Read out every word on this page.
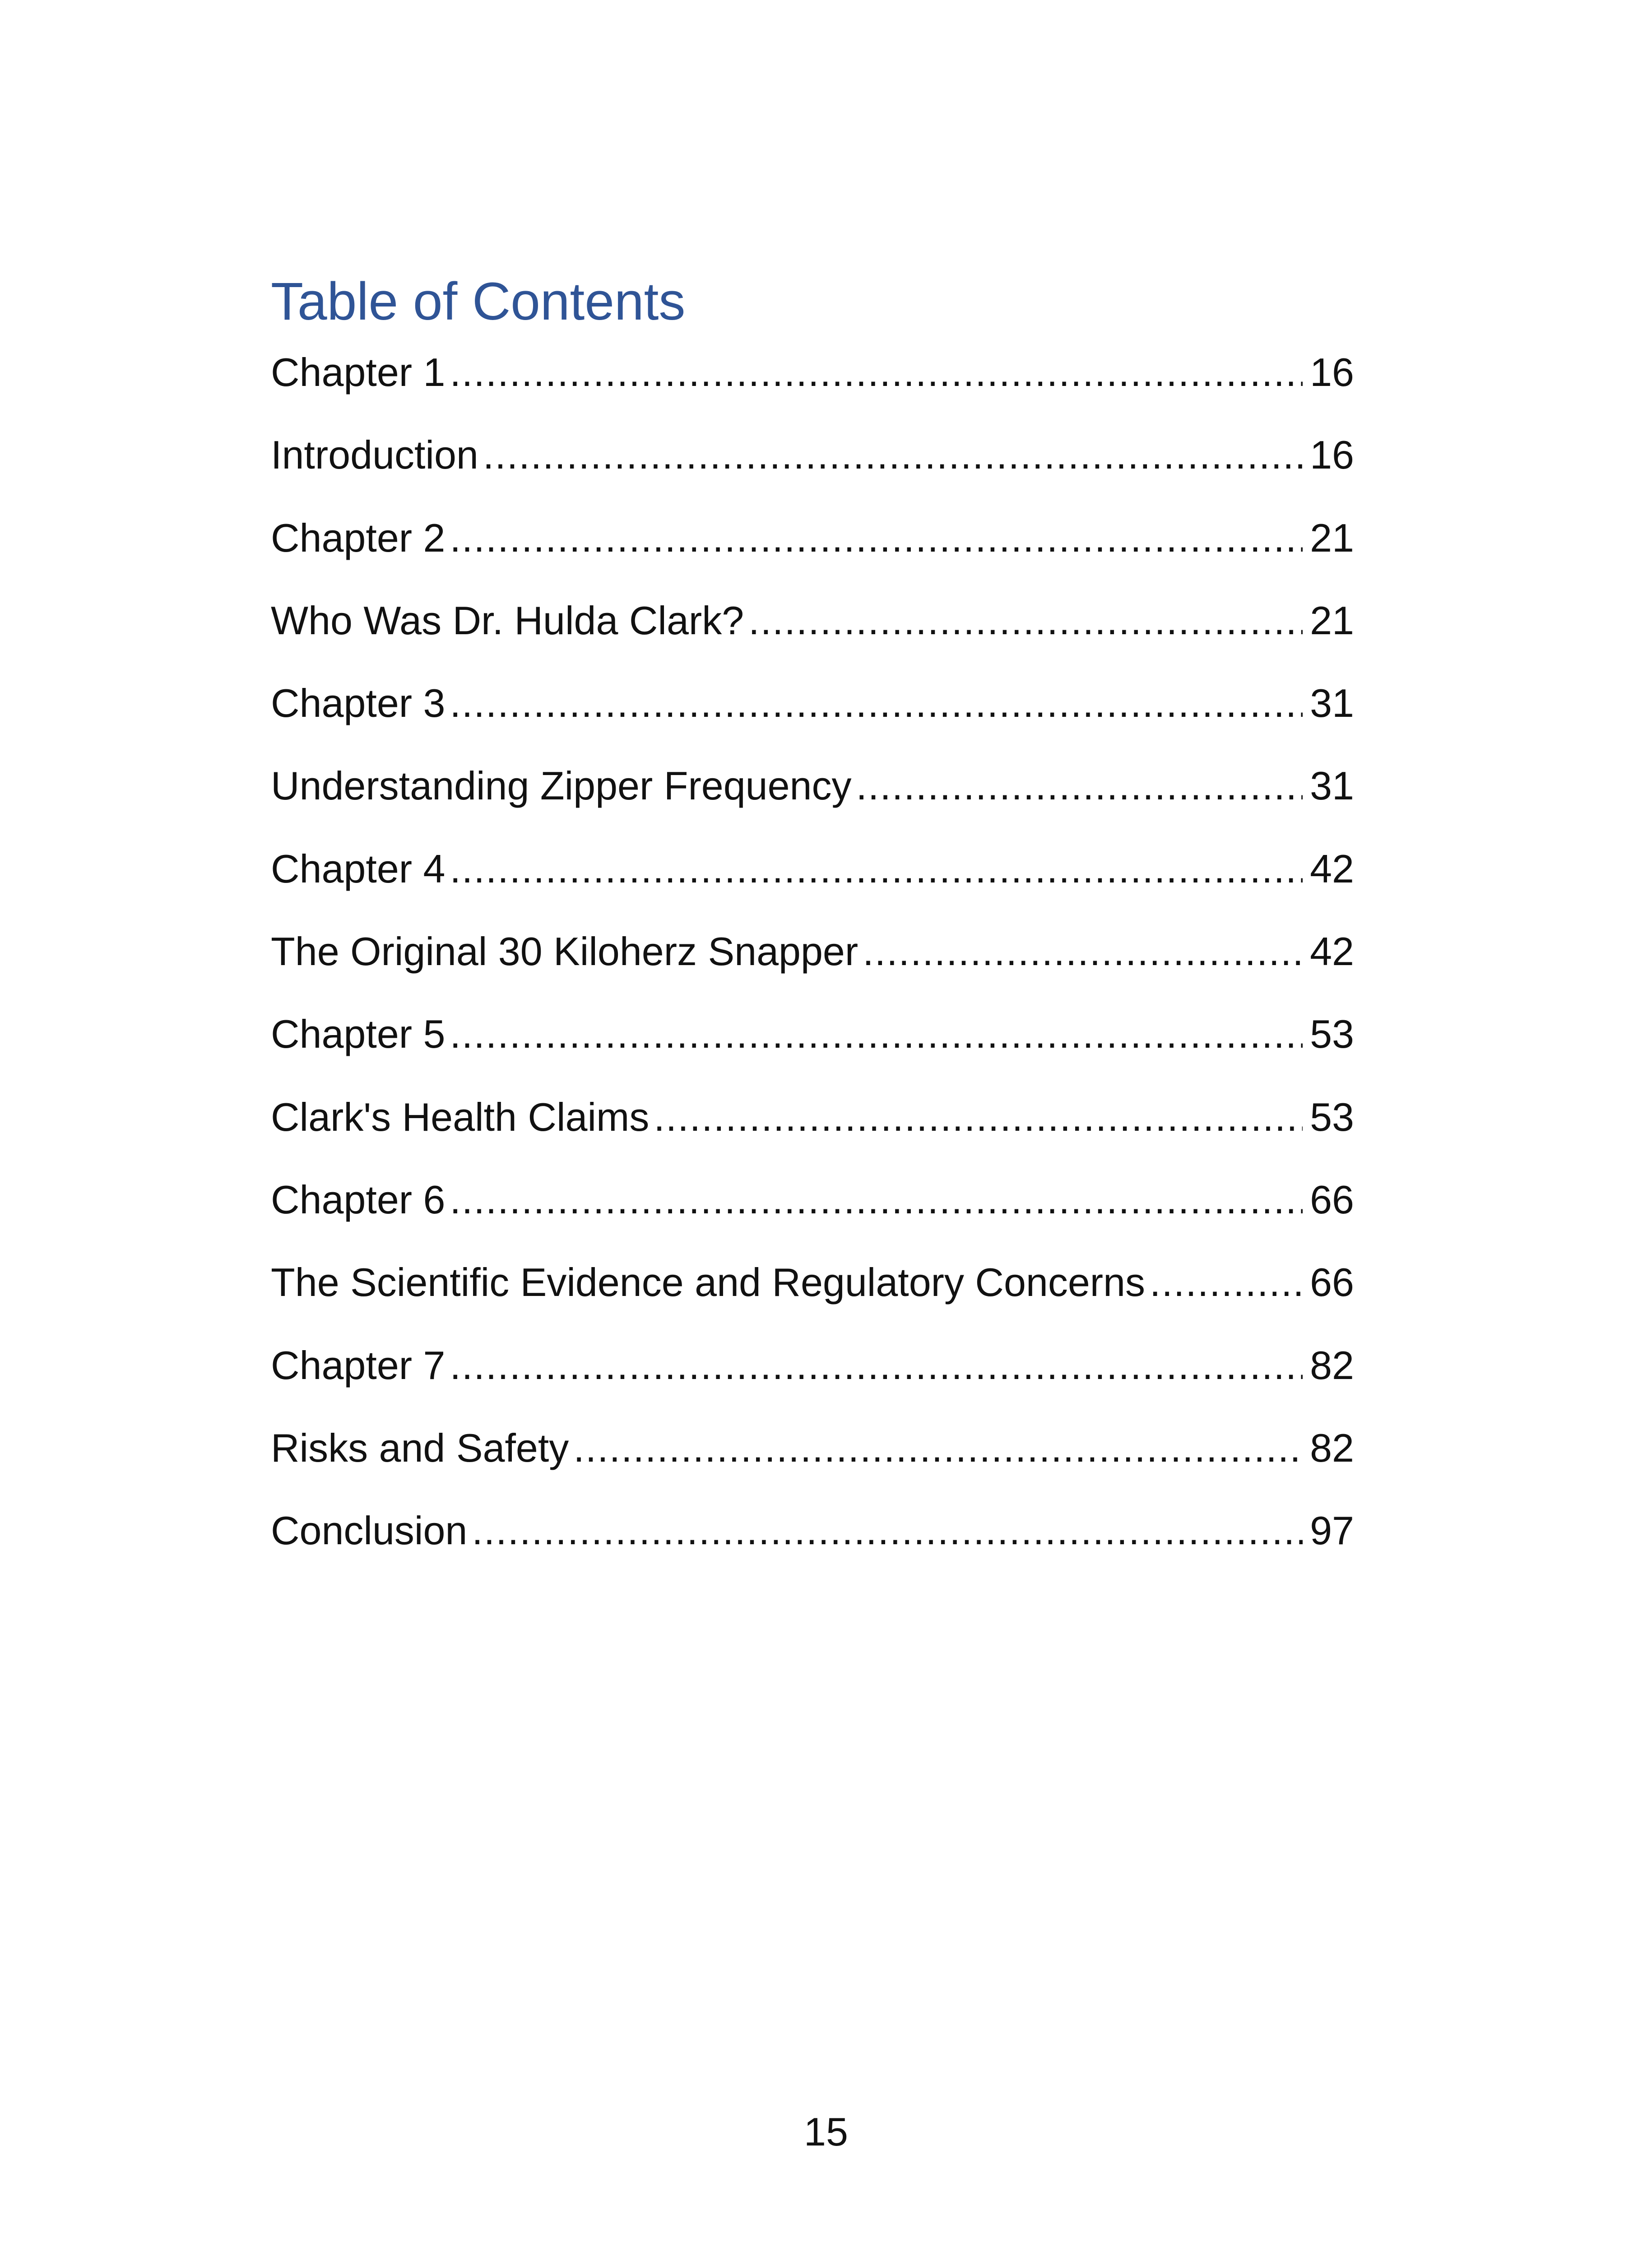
Table of Contents
Chapter 1 .....	16
Introduction .....	16
Chapter 2 .....	21
Who Was Dr. Hulda Clark? .....	21
Chapter 3 .....	31
Understanding Zipper Frequency .....	31
Chapter 4 .....	42
The Original 30 Kiloherz Snapper .....	42
Chapter 5 .....	53
Clark's Health Claims .....	53
Chapter 6 .....	66
The Scientific Evidence and Regulatory Concerns .....	66
Chapter 7 .....	82
Risks and Safety .....	82
Conclusion .....	97

15
